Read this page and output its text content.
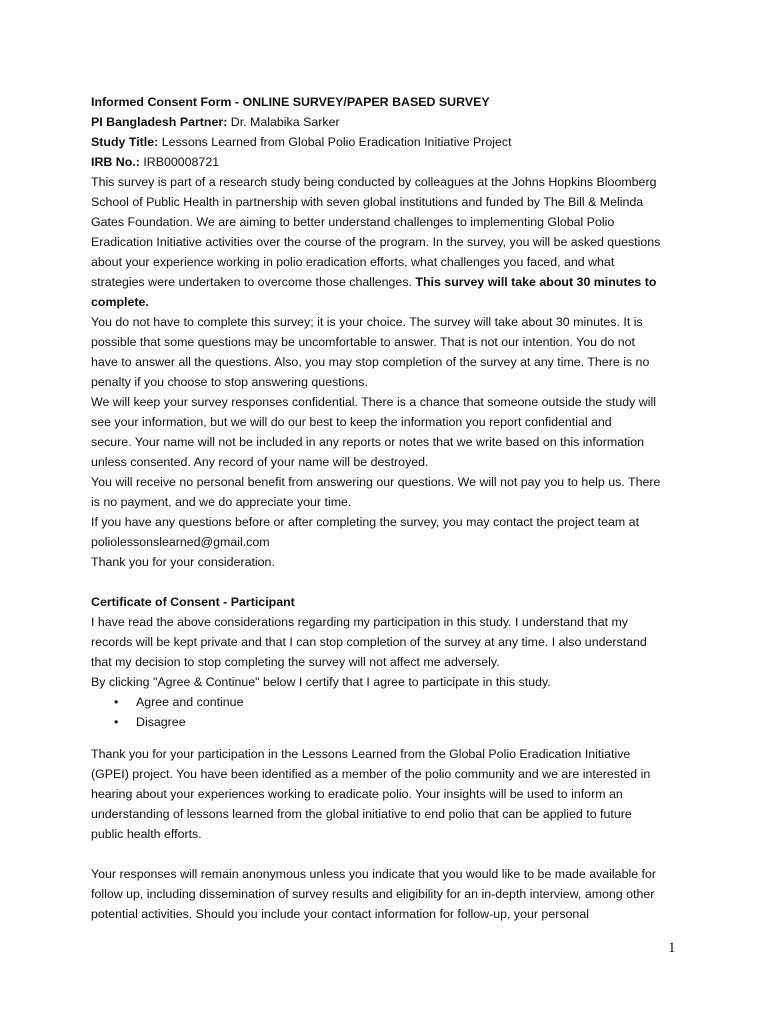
Informed Consent Form - ONLINE SURVEY/PAPER BASED SURVEY
PI Bangladesh Partner: Dr. Malabika Sarker
Study Title: Lessons Learned from Global Polio Eradication Initiative Project
IRB No.: IRB00008721
This survey is part of a research study being conducted by colleagues at the Johns Hopkins Bloomberg
School of Public Health in partnership with seven global institutions and funded by The Bill & Melinda
Gates Foundation. We are aiming to better understand challenges to implementing Global Polio
Eradication Initiative activities over the course of the program. In the survey, you will be asked questions
about your experience working in polio eradication efforts, what challenges you faced, and what
strategies were undertaken to overcome those challenges. This survey will take about 30 minutes to
complete.
You do not have to complete this survey; it is your choice. The survey will take about 30 minutes. It is
possible that some questions may be uncomfortable to answer. That is not our intention. You do not
have to answer all the questions. Also, you may stop completion of the survey at any time. There is no
penalty if you choose to stop answering questions.
We will keep your survey responses confidential. There is a chance that someone outside the study will
see your information, but we will do our best to keep the information you report confidential and
secure. Your name will not be included in any reports or notes that we write based on this information
unless consented. Any record of your name will be destroyed.
You will receive no personal benefit from answering our questions. We will not pay you to help us. There
is no payment, and we do appreciate your time.
If you have any questions before or after completing the survey, you may contact the project team at
poliolessonslearned@gmail.com
Thank you for your consideration.
Certificate of Consent - Participant
I have read the above considerations regarding my participation in this study. I understand that my
records will be kept private and that I can stop completion of the survey at any time. I also understand
that my decision to stop completing the survey will not affect me adversely.
By clicking "Agree & Continue" below I certify that I agree to participate in this study.
• Agree and continue
• Disagree
Thank you for your participation in the Lessons Learned from the Global Polio Eradication Initiative
(GPEI) project. You have been identified as a member of the polio community and we are interested in
hearing about your experiences working to eradicate polio. Your insights will be used to inform an
understanding of lessons learned from the global initiative to end polio that can be applied to future
public health efforts.
Your responses will remain anonymous unless you indicate that you would like to be made available for
follow up, including dissemination of survey results and eligibility for an in-depth interview, among other
potential activities. Should you include your contact information for follow-up, your personal
1
